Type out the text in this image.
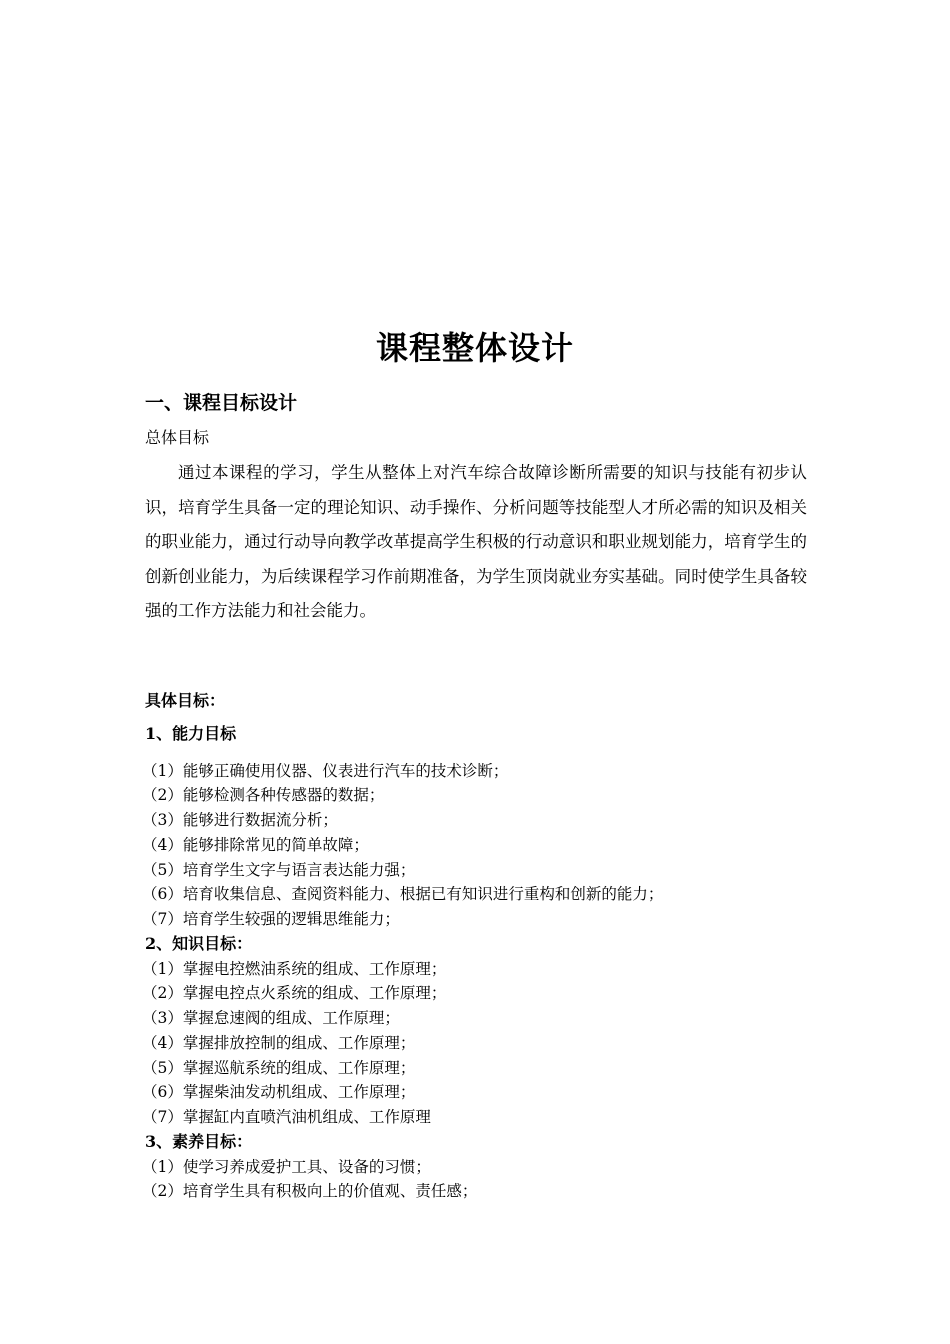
课程整体设计
一、课程目标设计

总体目标

通过本课程的学习，学生从整体上对汽车综合故障诊断所需要的知识与技能有初步认识，培育学生具备一定的理论知识、动手操作、分析问题等技能型人才所必需的知识及相关的职业能力，通过行动导向教学改革提高学生积极的行动意识和职业规划能力，培育学生的创新创业能力，为后续课程学习作前期准备，为学生顶岗就业夯实基础。同时使学生具备较强的工作方法能力和社会能力。

具体目标：

1、能力目标

（1）能够正确使用仪器、仪表进行汽车的技术诊断；
（2）能够检测各种传感器的数据；
（3）能够进行数据流分析；
（4）能够排除常见的简单故障；
（5）培育学生文字与语言表达能力强；
（6）培育收集信息、查阅资料能力、根据已有知识进行重构和创新的能力；
（7）培育学生较强的逻辑思维能力；

2、知识目标：

（1）掌握电控燃油系统的组成、工作原理；
（2）掌握电控点火系统的组成、工作原理；
（3）掌握怠速阀的组成、工作原理；
（4）掌握排放控制的组成、工作原理；
（5）掌握巡航系统的组成、工作原理；
（6）掌握柴油发动机组成、工作原理；
（7）掌握缸内直喷汽油机组成、工作原理

3、素养目标：

（1）使学习养成爱护工具、设备的习惯；
（2）培育学生具有积极向上的价值观、责任感；
